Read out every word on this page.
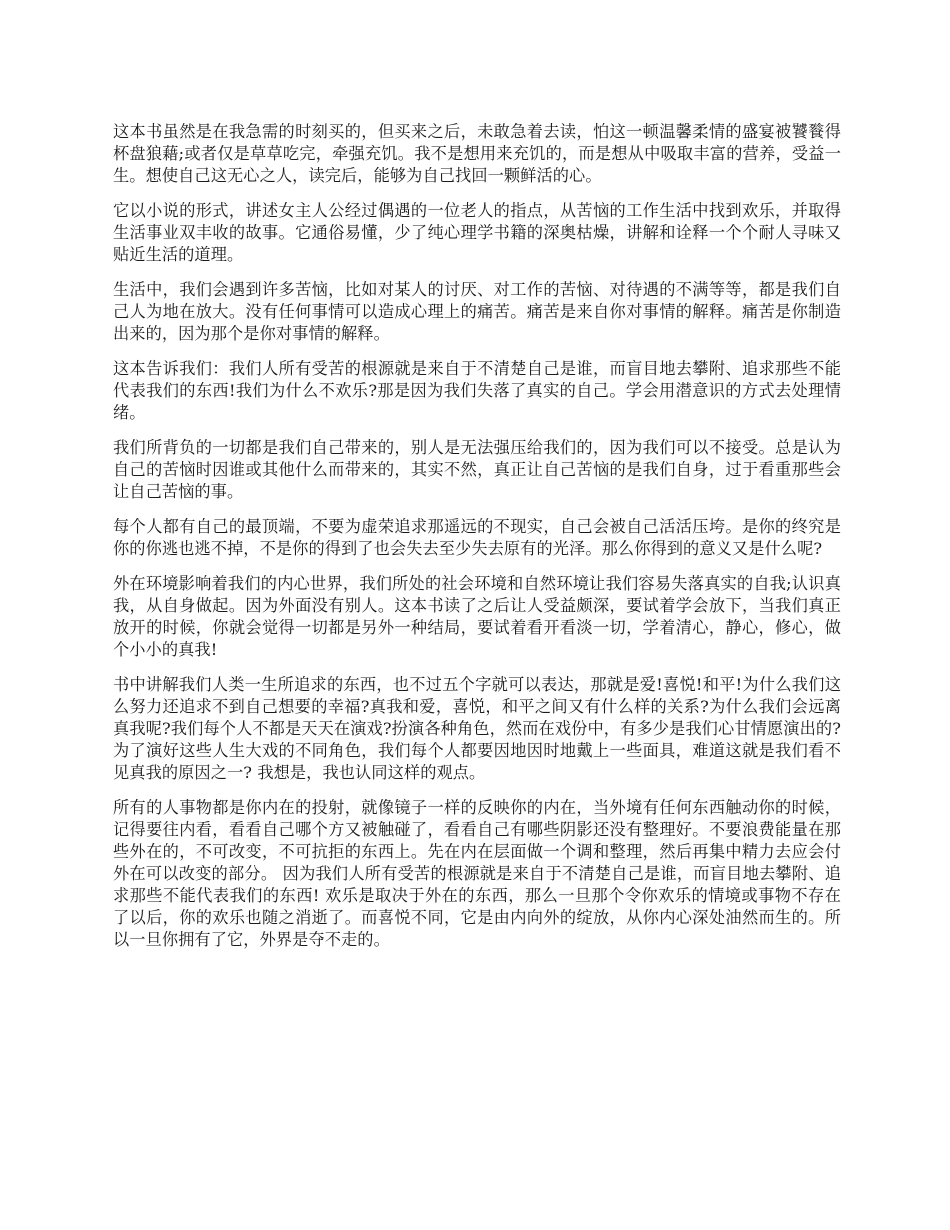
这本书虽然是在我急需的时刻买的，但买来之后，未敢急着去读，怕这一顿温馨柔情的盛宴被饕餮得杯盘狼藉;或者仅是草草吃完，牵强充饥。我不是想用来充饥的，而是想从中吸取丰富的营养，受益一生。想使自己这无心之人，读完后，能够为自己找回一颗鲜活的心。

它以小说的形式，讲述女主人公经过偶遇的一位老人的指点，从苦恼的工作生活中找到欢乐，并取得生活事业双丰收的故事。它通俗易懂，少了纯心理学书籍的深奥枯燥，讲解和诠释一个个耐人寻味又贴近生活的道理。

生活中，我们会遇到许多苦恼，比如对某人的讨厌、对工作的苦恼、对待遇的不满等等，都是我们自己人为地在放大。没有任何事情可以造成心理上的痛苦。痛苦是来自你对事情的解释。痛苦是你制造出来的，因为那个是你对事情的解释。

这本告诉我们：我们人所有受苦的根源就是来自于不清楚自己是谁，而盲目地去攀附、追求那些不能代表我们的东西!我们为什么不欢乐?那是因为我们失落了真实的自己。学会用潜意识的方式去处理情绪。

我们所背负的一切都是我们自己带来的，别人是无法强压给我们的，因为我们可以不接受。总是认为自己的苦恼时因谁或其他什么而带来的，其实不然，真正让自己苦恼的是我们自身，过于看重那些会让自己苦恼的事。

每个人都有自己的最顶端，不要为虚荣追求那遥远的不现实，自己会被自己活活压垮。是你的终究是你的你逃也逃不掉，不是你的得到了也会失去至少失去原有的光泽。那么你得到的意义又是什么呢?

外在环境影响着我们的内心世界，我们所处的社会环境和自然环境让我们容易失落真实的自我;认识真我，从自身做起。因为外面没有别人。这本书读了之后让人受益颇深，要试着学会放下，当我们真正放开的时候，你就会觉得一切都是另外一种结局，要试着看开看淡一切，学着清心，静心，修心，做个小小的真我!

书中讲解我们人类一生所追求的东西，也不过五个字就可以表达，那就是爱!喜悦!和平!为什么我们这么努力还追求不到自己想要的幸福?真我和爱，喜悦，和平之间又有什么样的关系?为什么我们会远离真我呢?我们每个人不都是天天在演戏?扮演各种角色，然而在戏份中，有多少是我们心甘情愿演出的?为了演好这些人生大戏的不同角色，我们每个人都要因地因时地戴上一些面具，难道这就是我们看不见真我的原因之一? 我想是，我也认同这样的观点。

所有的人事物都是你内在的投射，就像镜子一样的反映你的内在，当外境有任何东西触动你的时候，记得要往内看，看看自己哪个方又被触碰了，看看自己有哪些阴影还没有整理好。不要浪费能量在那些外在的，不可改变，不可抗拒的东西上。先在内在层面做一个调和整理，然后再集中精力去应会付外在可以改变的部分。 因为我们人所有受苦的根源就是来自于不清楚自己是谁，而盲目地去攀附、追求那些不能代表我们的东西! 欢乐是取决于外在的东西，那么一旦那个令你欢乐的情境或事物不存在了以后，你的欢乐也随之消逝了。而喜悦不同，它是由内向外的绽放，从你内心深处油然而生的。所以一旦你拥有了它，外界是夺不走的。
